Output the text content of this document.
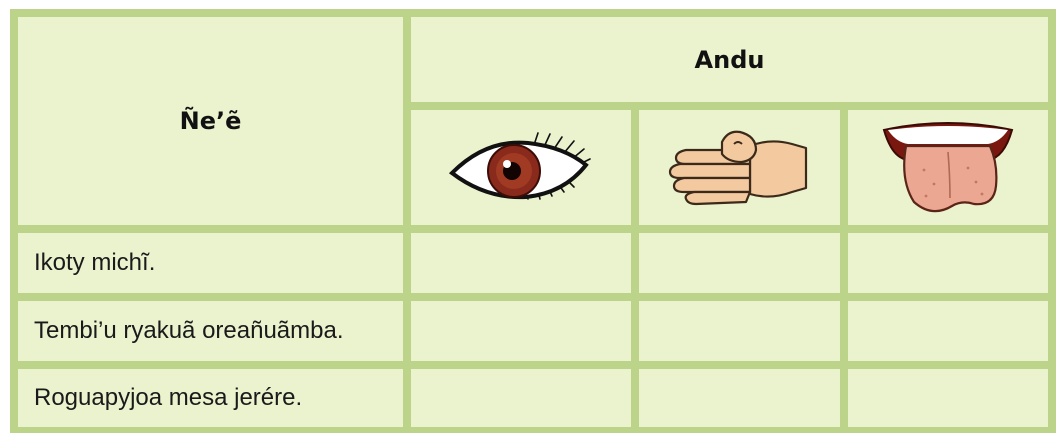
Ñe’ẽ
Andu
Ikoty michĩ.
Tembi’u ryakuã oreañuãmba.
Roguapyjoa mesa jerére.
